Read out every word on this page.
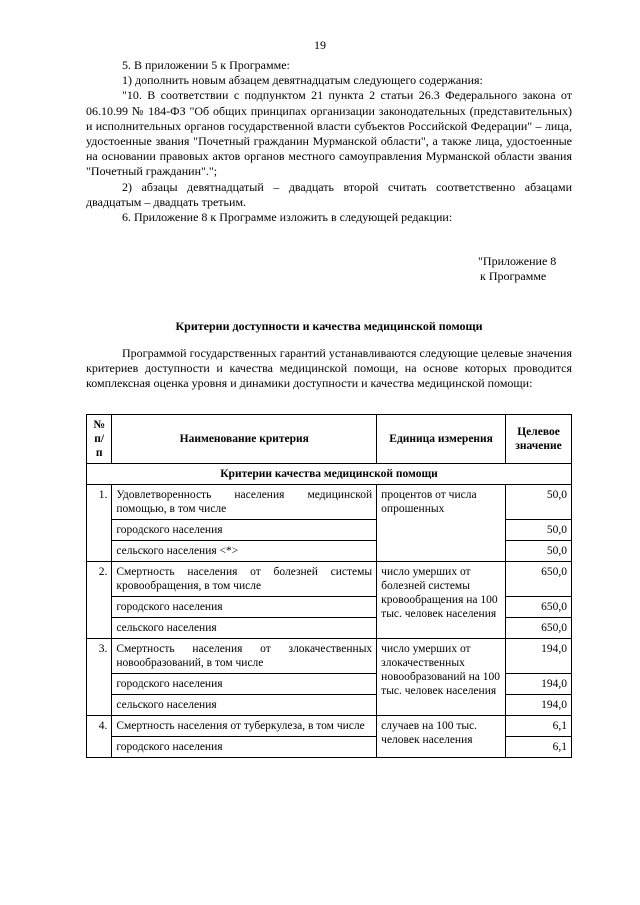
19

5. В приложении 5 к Программе:

1) дополнить новым абзацем девятнадцатым следующего содержания:

"10. В соответствии с подпунктом 21 пункта 2 статьи 26.3 Федерального закона от 06.10.99 № 184-ФЗ "Об общих принципах организации законодательных (представительных) и исполнительных органов государственной власти субъектов Российской Федерации" – лица, удостоенные звания "Почетный гражданин Мурманской области", а также лица, удостоенные на основании правовых актов органов местного самоуправления Мурманской области звания "Почетный гражданин".";

2) абзацы девятнадцатый – двадцать второй считать соответственно абзацами двадцатым – двадцать третьим.

6. Приложение 8 к Программе изложить в следующей редакции:

"Приложение 8
к Программе
Критерии доступности и качества медицинской помощи

Программой государственных гарантий устанавливаются следующие целевые значения критериев доступности и качества медицинской помощи, на основе которых проводится комплексная оценка уровня и динамики доступности и качества медицинской помощи:

№ п/п	Наименование критерия	Единица измерения	Целевое значение
Критерии качества медицинской помощи			
1.	Удовлетворенность населения медицинской помощью, в том числе	процентов от числа опрошенных	50,0
	городского населения		50,0
	сельского населения <*>		50,0
2.	Смертность населения от болезней системы кровообращения, в том числе	число умерших от болезней системы кровообращения на 100 тыс. человек населения	650,0
	городского населения		650,0
	сельского населения		650,0
3.	Смертность населения от злокачественных новообразований, в том числе	число умерших от злокачественных новообразований на 100 тыс. человек населения	194,0
	городского населения		194,0
	сельского населения		194,0
4.	Смертность населения от туберкулеза, в том числе	случаев на 100 тыс. человек населения	6,1
	городского населения		6,1
